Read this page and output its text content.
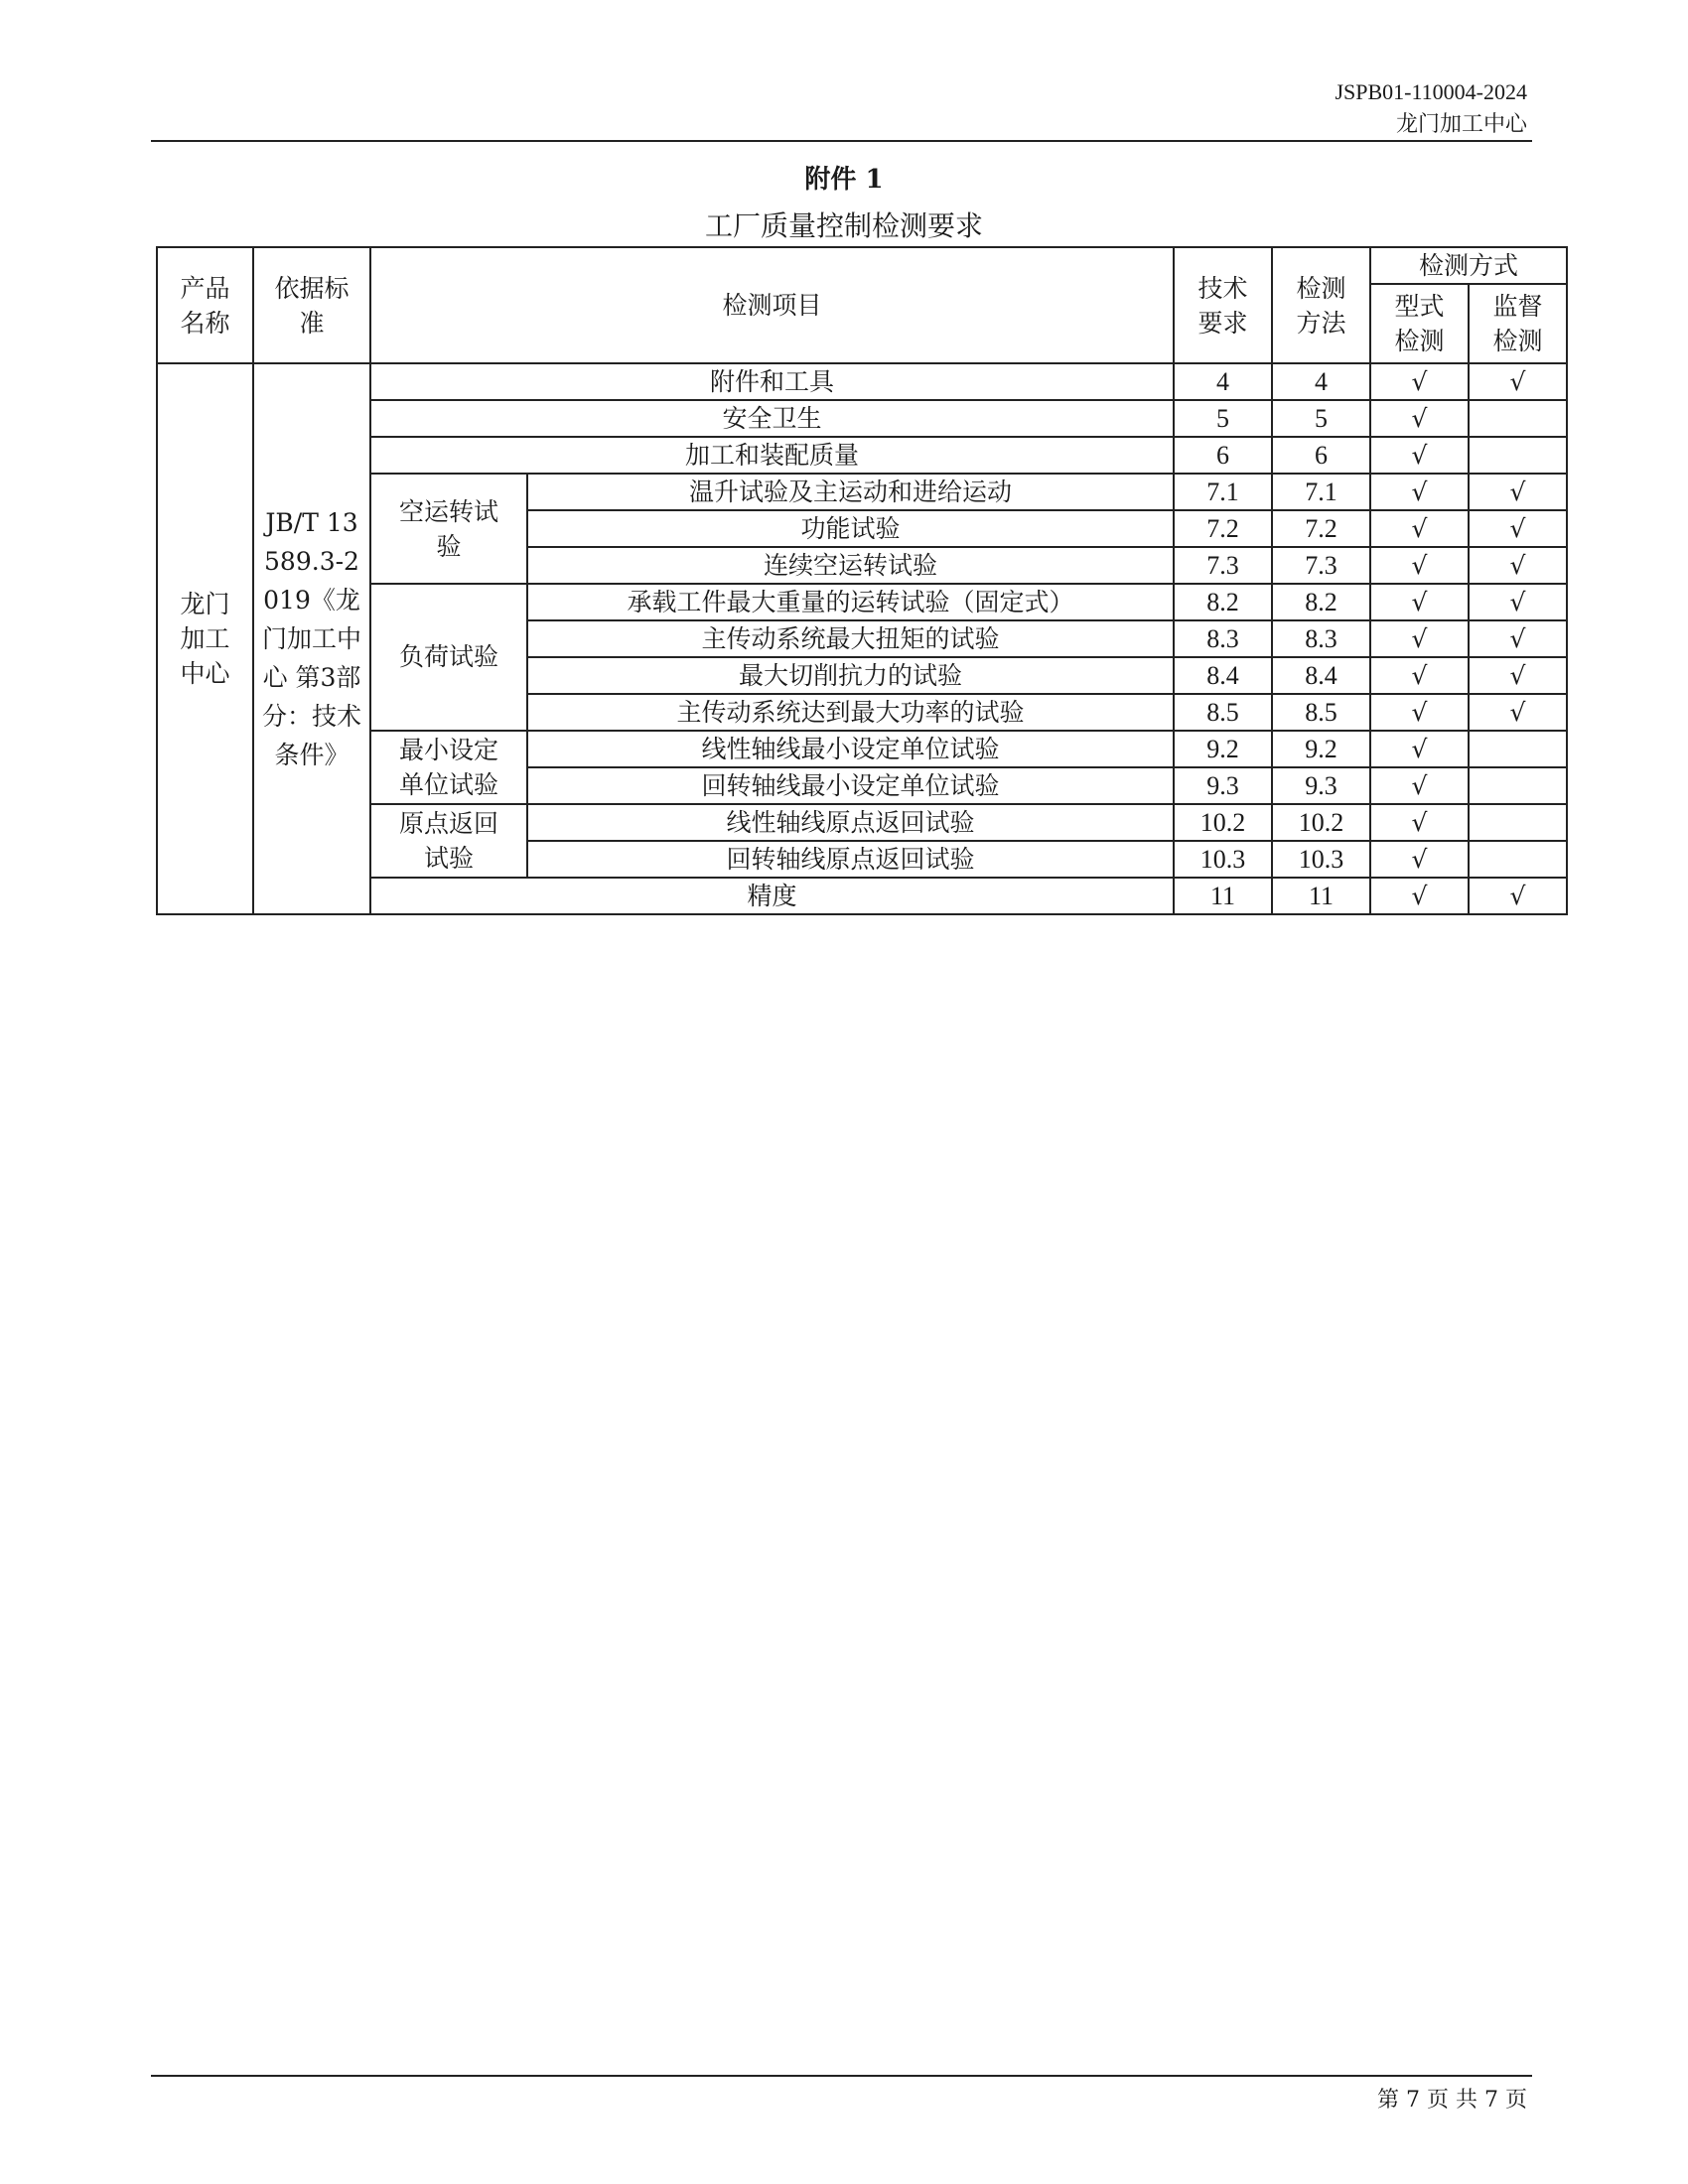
JSPB01-110004-2024
龙门加工中心
附件 1
工厂质量控制检测要求
产品名称	依据标准	检测项目		技术要求	检测方法	检测方式	

						型式检测	监督检测

龙门加工中心	JB/T 13589.3-2019《龙门加工中心 第3部分：技术条件》	附件和工具		4	4	√	√
		安全卫生		5	5	√	
		加工和装配质量		6	6	√	

		空运转试验	温升试验及主运动和进给运动	7.1	7.1	√	√
			功能试验	7.2	7.2	√	√
			连续空运转试验	7.3	7.3	√	√
		负荷试验	承载工件最大重量的运转试验（固定式）	8.2	8.2	√	√
			主传动系统最大扭矩的试验	8.3	8.3	√	√
			最大切削抗力的试验	8.4	8.4	√	√
			主传动系统达到最大功率的试验	8.5	8.5	√	√

		最小设定单位试验	线性轴线最小设定单位试验	9.2	9.2	√	
			回转轴线最小设定单位试验	9.3	9.3	√	

		原点返回试验	线性轴线原点返回试验	10.2	10.2	√	
			回转轴线原点返回试验	10.3	10.3	√	
		精度		11	11	√	√
第 7 页 共 7 页
